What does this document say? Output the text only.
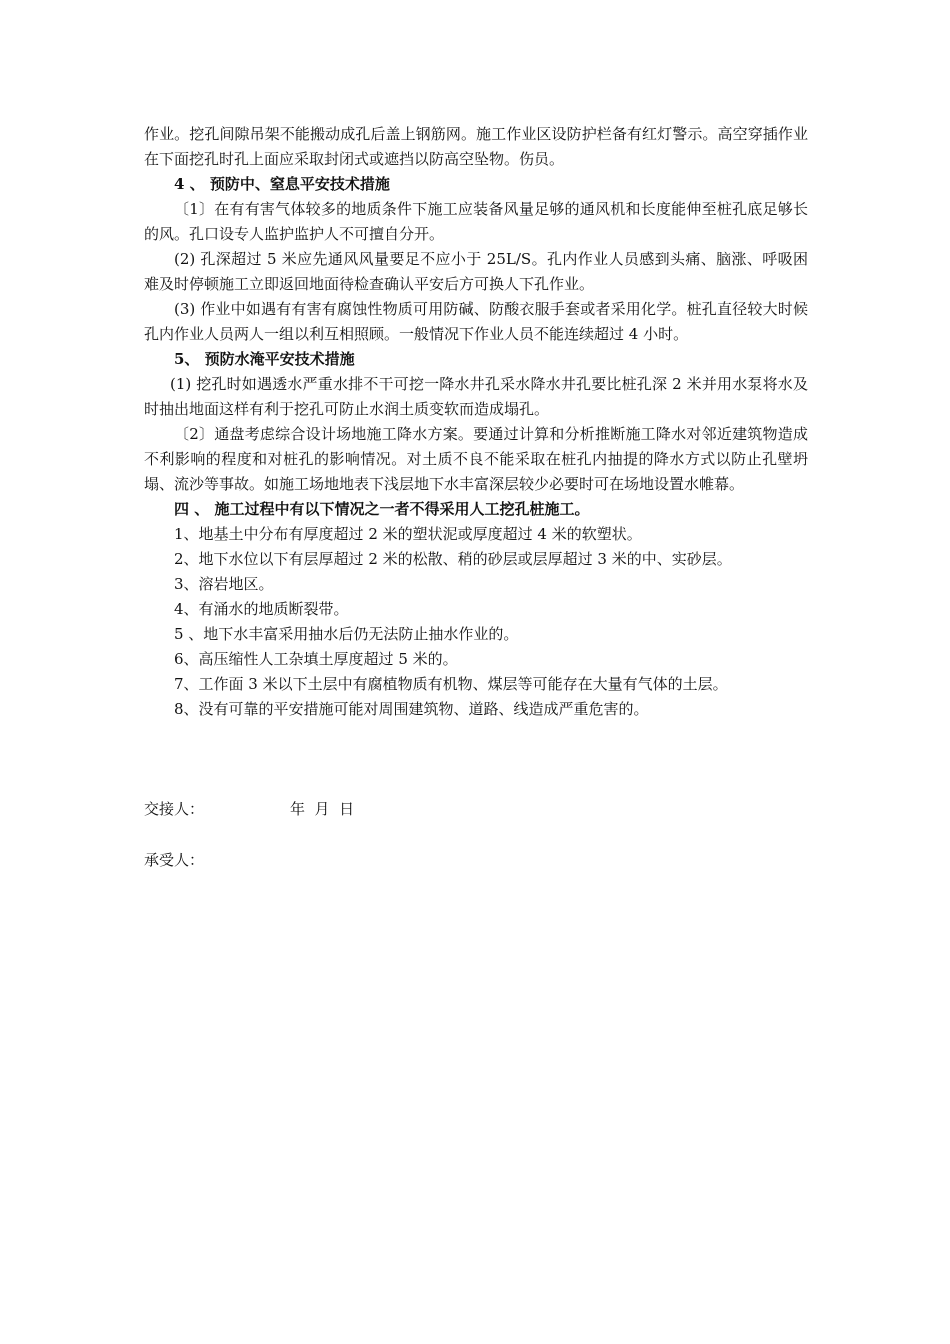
作业。挖孔间隙吊架不能搬动成孔后盖上钢筋网。施工作业区设防护栏备有红灯警示。高空穿插作业在下面挖孔时孔上面应采取封闭式或遮挡以防高空坠物。伤员。

4 、 预防中、窒息平安技术措施

〔1〕在有有害气体较多的地质条件下施工应装备风量足够的通风机和长度能伸至桩孔底足够长的风。孔口设专人监护监护人不可擅自分开。

(2) 孔深超过 5 米应先通风风量要足不应小于 25L/S。孔内作业人员感到头痛、脑涨、呼吸困难及时停顿施工立即返回地面待检查确认平安后方可换人下孔作业。

(3) 作业中如遇有有害有腐蚀性物质可用防碱、防酸衣服手套或者采用化学。桩孔直径较大时候孔内作业人员两人一组以利互相照顾。一般情况下作业人员不能连续超过 4 小时。

5、 预防水淹平安技术措施

(1) 挖孔时如遇透水严重水排不干可挖一降水井孔采水降水井孔要比桩孔深 2 米并用水泵将水及时抽出地面这样有利于挖孔可防止水润土质变软而造成塌孔。

〔2〕通盘考虑综合设计场地施工降水方案。要通过计算和分析推断施工降水对邻近建筑物造成不利影响的程度和对桩孔的影响情况。对土质不良不能采取在桩孔内抽提的降水方式以防止孔壁坍塌、流沙等事故。如施工场地地表下浅层地下水丰富深层较少必要时可在场地设置水帷幕。

四 、 施工过程中有以下情况之一者不得采用人工挖孔桩施工。

1、地基土中分布有厚度超过 2 米的塑状泥或厚度超过 4 米的软塑状。

2、地下水位以下有层厚超过 2 米的松散、稍的砂层或层厚超过 3 米的中、实砂层。

3、溶岩地区。

4、有涌水的地质断裂带。

5 、地下水丰富采用抽水后仍无法防止抽水作业的。

6、高压缩性人工杂填土厚度超过 5 米的。

7、工作面 3 米以下土层中有腐植物质有机物、煤层等可能存在大量有气体的土层。

8、没有可靠的平安措施可能对周围建筑物、道路、线造成严重危害的。

交接人：	年  月  日

承受人：
